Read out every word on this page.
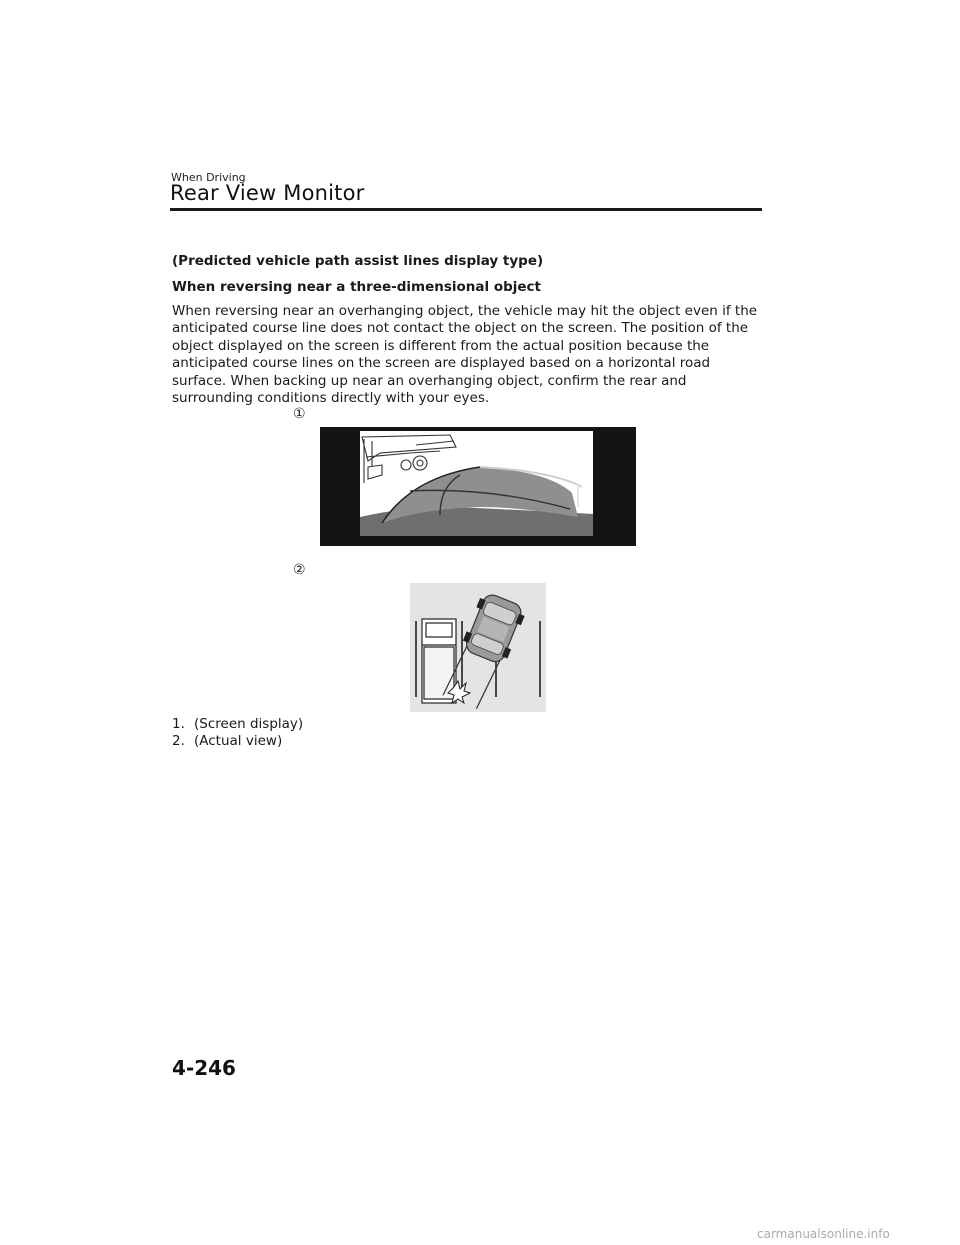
When Driving
Rear View Monitor
(Predicted vehicle path assist lines display type)
When reversing near a three-dimensional object
When reversing near an overhanging object, the vehicle may hit the object even if the anticipated course line does not contact the object on the screen. The position of the object displayed on the screen is different from the actual position because the anticipated course lines on the screen are displayed based on a horizontal road surface. When backing up near an overhanging object, confirm the rear and surrounding conditions directly with your eyes.
①
②
1. (Screen display)
2. (Actual view)
4-246
carmanualsonline.info
